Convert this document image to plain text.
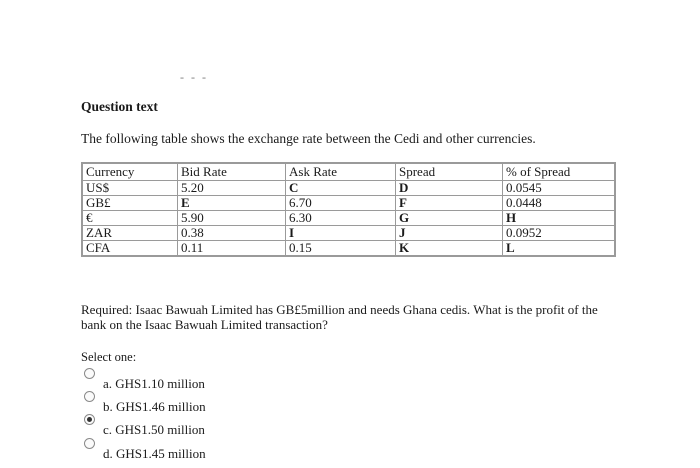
- - -
Question text
The following table shows the exchange rate between the Cedi and other currencies.
Currency	Bid Rate	Ask Rate	Spread	% of Spread
US$	5.20	C	D	0.0545
GB£	E	6.70	F	0.0448
€	5.90	6.30	G	H
ZAR	0.38	I	J	0.0952
CFA	0.11	0.15	K	L
Required: Isaac Bawuah Limited has GB£5million and needs Ghana cedis. What is the profit of the bank on the Isaac Bawuah Limited transaction?
Select one:
a. GHS1.10 million
b. GHS1.46 million
c. GHS1.50 million
d. GHS1.45 million
